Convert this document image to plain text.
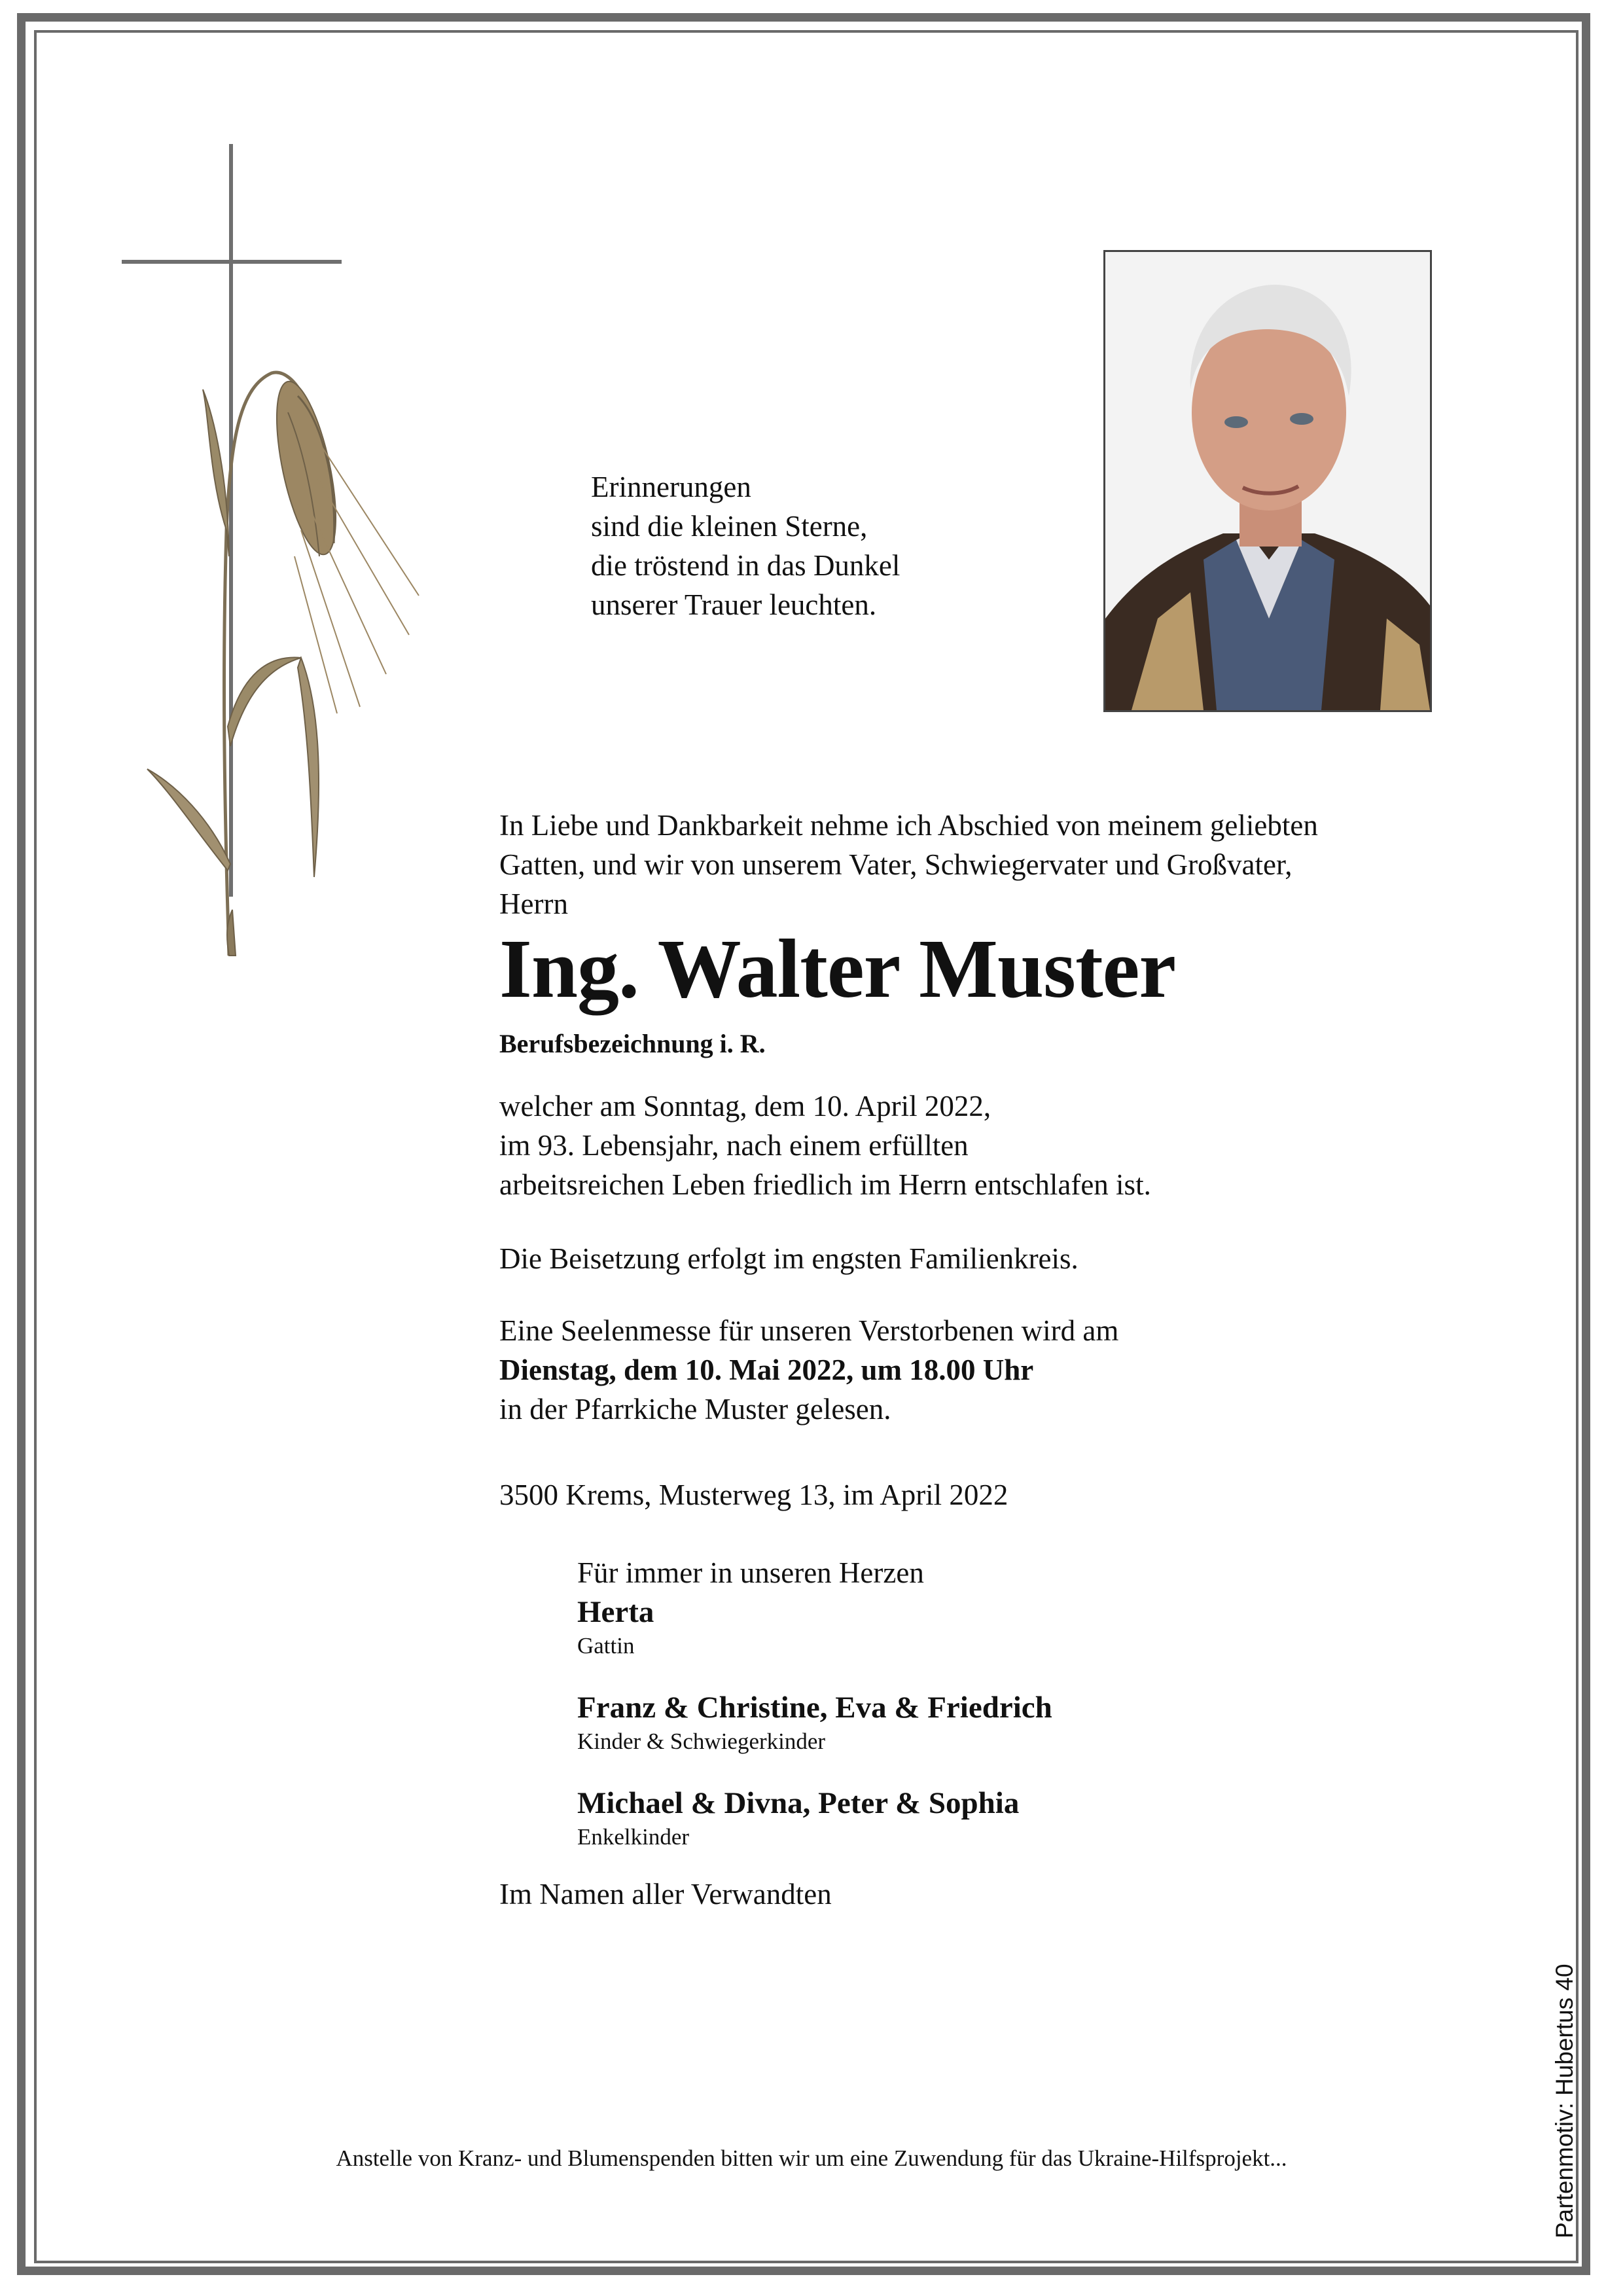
Erinnerungen
sind die kleinen Sterne,
die tröstend in das Dunkel
unserer Trauer leuchten.
In Liebe und Dankbarkeit nehme ich Abschied von meinem geliebten
Gatten, und wir von unserem Vater, Schwiegervater und Großvater,
Herrn
Ing. Walter Muster
Berufsbezeichnung i. R.
welcher am Sonntag, dem 10. April 2022,
im 93. Lebensjahr, nach einem erfüllten
arbeitsreichen Leben friedlich im Herrn entschlafen ist.
Die Beisetzung erfolgt im engsten Familienkreis.
Eine Seelenmesse für unseren Verstorbenen wird am
Dienstag, dem 10. Mai 2022, um 18.00 Uhr
in der Pfarrkiche Muster gelesen.
3500 Krems, Musterweg 13, im April 2022
Für immer in unseren Herzen
Herta
Gattin
Franz & Christine, Eva & Friedrich
Kinder & Schwiegerkinder
Michael & Divna, Peter & Sophia
Enkelkinder
Im Namen aller Verwandten
Anstelle von Kranz- und Blumenspenden bitten wir um eine Zuwendung für das Ukraine-Hilfsprojekt...	Partenmotiv: Hubertus 40
